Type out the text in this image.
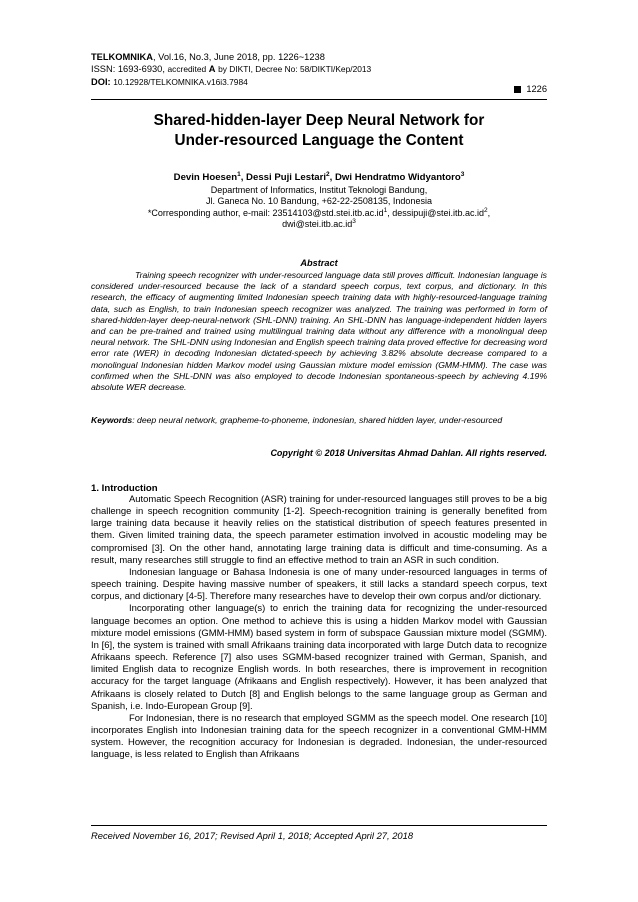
TELKOMNIKA, Vol.16, No.3, June 2018, pp. 1226~1238
ISSN: 1693-6930, accredited A by DIKTI, Decree No: 58/DIKTI/Kep/2013
DOI: 10.12928/TELKOMNIKA.v16i3.7984
1226
Shared-hidden-layer Deep Neural Network for
Under-resourced Language the Content
Devin Hoesen$^1$, Dessi Puji Lestari$^2$, Dwi Hendratmo Widyantoro$^3$
Department of Informatics, Institut Teknologi Bandung,
Jl. Ganeca No. 10 Bandung, +62-22-2508135, Indonesia
*Corresponding author, e-mail: $23514103@std.stei.itb.ac.id^1$, $dessipuji@stei.itb.ac.id^2$,
$dwi@stei.itb.ac.id^3$
Abstract
Training speech recognizer with under-resourced language data still proves difficult. Indonesian language is considered under-resourced because the lack of a standard speech corpus, text corpus, and dictionary. In this research, the efficacy of augmenting limited Indonesian speech training data with highly-resourced-language training data, such as English, to train Indonesian speech recognizer was analyzed. The training was performed in form of shared-hidden-layer deep-neural-network (SHL-DNN) training. An SHL-DNN has language-independent hidden layers and can be pre-trained and trained using multilingual training data without any difference with a monolingual deep neural network. The SHL-DNN using Indonesian and English speech training data proved effective for decreasing word error rate (WER) in decoding Indonesian dictated-speech by achieving 3.82% absolute decrease compared to a monolingual Indonesian hidden Markov model using Gaussian mixture model emission (GMM-HMM). The case was confirmed when the SHL-DNN was also employed to decode Indonesian spontaneous-speech by achieving 4.19% absolute WER decrease.
Keywords: deep neural network, grapheme-to-phoneme, indonesian, shared hidden layer, under-resourced
Copyright © 2018 Universitas Ahmad Dahlan. All rights reserved.
1. Introduction

Automatic Speech Recognition (ASR) training for under-resourced languages still proves to be a big challenge in speech recognition community [1-2]. Speech-recognition training is generally benefited from large training data because it heavily relies on the statistical distribution of speech features presented in them. Given limited training data, the speech parameter estimation involved in acoustic modeling may be compromised [3]. On the other hand, annotating large training data is difficult and time-consuming. As a result, many researches still struggle to find an effective method to train an ASR in such condition.

Indonesian language or Bahasa Indonesia is one of many under-resourced languages in terms of speech training. Despite having massive number of speakers, it still lacks a standard speech corpus, text corpus, and dictionary [4-5]. Therefore many researches have to develop their own corpus and/or dictionary.

Incorporating other language(s) to enrich the training data for recognizing the under-resourced language becomes an option. One method to achieve this is using a hidden Markov model with Gaussian mixture model emissions (GMM-HMM) based system in form of subspace Gaussian mixture model (SGMM). In [6], the system is trained with small Afrikaans training data incorporated with large Dutch data to recognize Afrikaans speech. Reference [7] also uses SGMM-based recognizer trained with German, Spanish, and limited English data to recognize English words. In both researches, there is improvement in recognition accuracy for the target language (Afrikaans and English respectively). However, it has been analyzed that Afrikaans is closely related to Dutch [8] and English belongs to the same language group as German and Spanish, i.e. Indo-European Group [9].

For Indonesian, there is no research that employed SGMM as the speech model. One research [10] incorporates English into Indonesian training data for the speech recognizer in a conventional GMM-HMM system. However, the recognition accuracy for Indonesian is degraded. Indonesian, the under-resourced language, is less related to English than Afrikaans

Received November 16, 2017; Revised April 1, 2018; Accepted April 27, 2018
